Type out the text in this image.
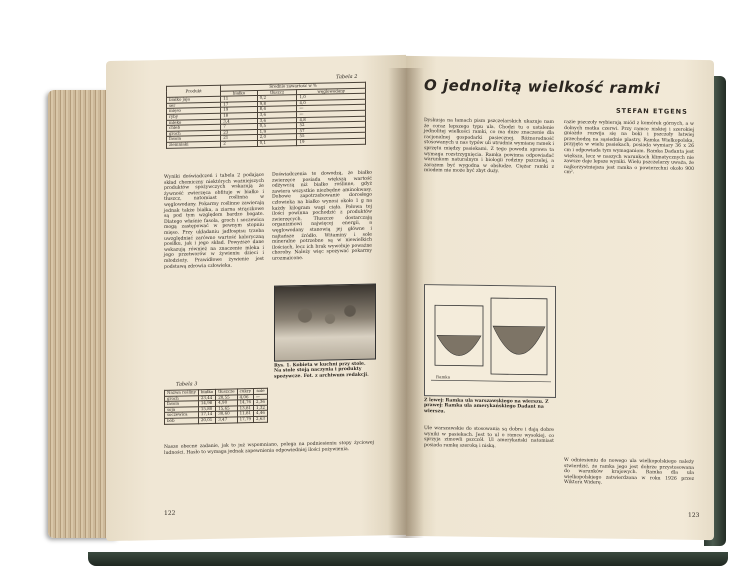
Tabela 2
Produkt	Średnio zawartość w %		
	białko	tłuszcz	węglowodany
białko jaja	11	0,2	1,0
ser	17	9,8	4,0
mięso	19	8,4	—
ryby	18	3,6	—
mleko	3,4	3,6	4,8
chleb	7	0,5	52
groch	23	1,9	57
fasola	21	2,0	55
ziemniaki	2	0,1	19
Wyniki doświadczeń i tabela 2 podające skład chemiczny niektórych ważniejszych produktów spożywczych wskazują że żywność zwierzęca obfituje w białko i tłuszcz, natomiast roślinna w węglowodany. Pokarmy roślinne zawierają jednak także białka, a ziarna strączkowe są pod tym względem bardzo bogate. Dlatego właśnie fasola, groch i soczewica mogą zastępować w pewnym stopniu mięso. Przy układaniu jadłospisu trzeba uwzględniać zarówno wartość kaloryczną posiłku, jak i jego skład. Powyższe dane wskazują również na znaczenie mleka i jego przetworów w żywieniu dzieci i młodzieży. Prawidłowe żywienie jest podstawą zdrowia człowieka.
Doświadczenia te dowodzą, że białko zwierzęce posiada większą wartość odżywczą niż białko roślinne, gdyż zawiera wszystkie niezbędne aminokwasy. Dobowe zapotrzebowanie dorosłego człowieka na białko wynosi około 1 g na każdy kilogram wagi ciała. Połowa tej ilości powinna pochodzić z produktów zwierzęcych. Tłuszcze dostarczają organizmowi najwięcej energii, a węglowodany stanowią jej główne i najtańsze źródło. Witaminy i sole mineralne potrzebne są w niewielkich ilościach, lecz ich brak wywołuje poważne choroby. Należy więc spożywać pokarmy urozmaicone.
Tabela 3
Nazwa rośliny	białko	tłuszcze	cukry	sole
groch	23,44	20,55	4,06	—
fasola	14,98	4,90	14,76	2,36
soja	15,80	15,65	13,81	1,32
soczewica	17,14	30,60	11,81	4,46
bób	20,01	3,47	17,79	2,63
Rys. 1. Kobieta w kuchni przy stole. Na stole stoją naczynia i produkty spożywcze. Fot. z archiwum redakcji.
Nasze obecne zadanie, jak to już wspomniano, polega na podniesieniu stopy życiowej ludności. Hasło to wymaga jednak zapewnienia odpowiedniej ilości pożywienia.
122
O jednolitą wielkość ramki
STEFAN ETGENS
Dyskusja na łamach pism pszczelarskich ukazuje nam że coraz lepszego typu ula. Chodzi tu o ustalenie jednolitej wielkości ramki, co ma duże znaczenie dla racjonalnej gospodarki pasiecznej. Różnorodność stosowanych u nas typów uli utrudnia wymianę ramek i sprzętu między pasiekami. Z tego powodu sprawa ta wymaga rozstrzygnięcia. Ramka powinna odpowiadać warunkom naturalnym i biologii rodziny pszczelej, a zarazem być wygodna w obsłudze. Ciężar ramki z miodem nie może być zbyt duży.
razie pszczoły wybierają miód z komórek górnych, a w dolnych matka czerwi. Przy ramce niskiej i szerokiej gniazdo rozwija się na boki i pszczoły łatwiej przechodzą na sąsiednie plastry. Ramka Wielkopolska, przyjęta w wielu pasiekach, posiada wymiary 36 x 26 cm i odpowiada tym wymaganiom. Ramka Dadanta jest większa, lecz w naszych warunkach klimatycznych nie zawsze daje lepsze wyniki. Wielu pszczelarzy uważa, że najkorzystniejsza jest ramka o powierzchni około 900 cm².
Ramka
Z lewej: Ramka ula warszawskiego na wierszu. Z prawej: Ramka ula amerykańskiego Dadant na wierszu.
Ule warszawskie do stosowania są dobre i dają dobre wyniki w pasiekach. Jest to ul o ramce wysokiej, co sprzyja zimowli pszczół. Ul amerykański natomiast posiada ramkę szeroką i niską.
W odniesieniu do nowego ula wielkopolskiego należy stwierdzić, że ramka jego jest dobrze przystosowana do warunków krajowych. Ramka dla ula wielkopolskiego zatwierdzona w roku 1926 przez Wiktora Widerę.
123
